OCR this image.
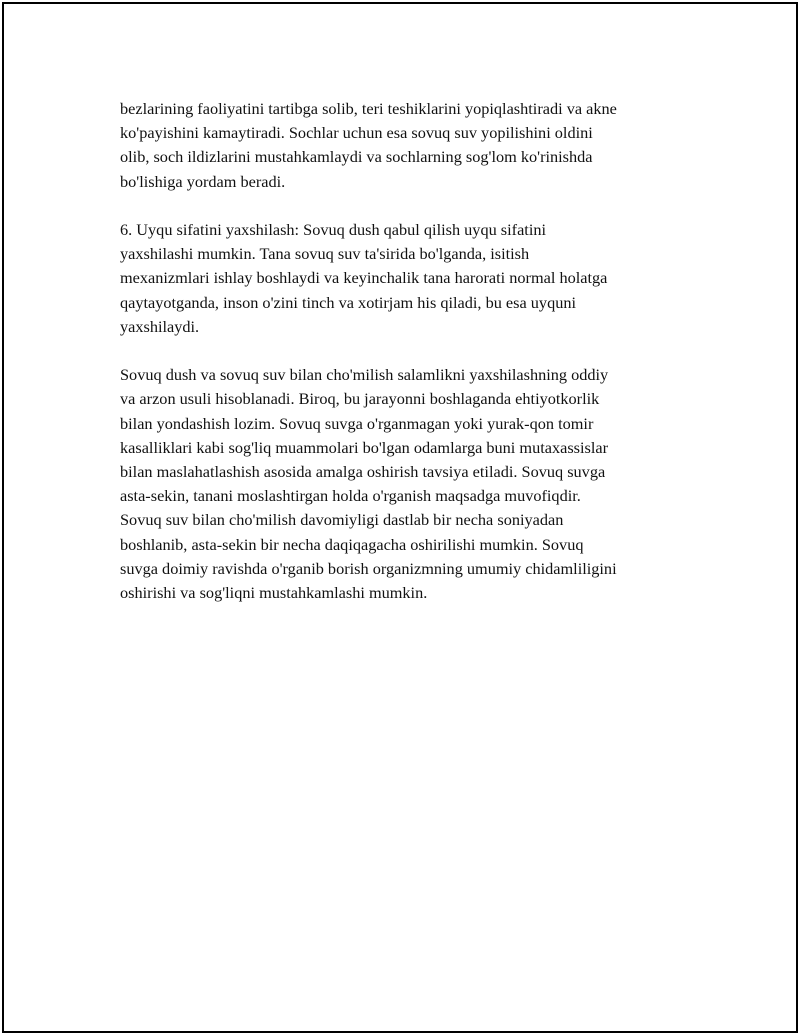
bezlarining faoliyatini tartibga solib, teri teshiklarini yopiqlashtiradi va akne
ko'payishini kamaytiradi. Sochlar uchun esa sovuq suv yopilishini oldini
olib, soch ildizlarini mustahkamlaydi va sochlarning sog'lom ko'rinishda
bo'lishiga yordam beradi.

6. Uyqu sifatini yaxshilash: Sovuq dush qabul qilish uyqu sifatini
yaxshilashi mumkin. Tana sovuq suv ta'sirida bo'lganda, isitish
mexanizmlari ishlay boshlaydi va keyinchalik tana harorati normal holatga
qaytayotganda, inson o'zini tinch va xotirjam his qiladi, bu esa uyquni
yaxshilaydi.

Sovuq dush va sovuq suv bilan cho'milish salamlikni yaxshilashning oddiy
va arzon usuli hisoblanadi. Biroq, bu jarayonni boshlaganda ehtiyotkorlik
bilan yondashish lozim. Sovuq suvga o'rganmagan yoki yurak-qon tomir
kasalliklari kabi sog'liq muammolari bo'lgan odamlarga buni mutaxassislar
bilan maslahatlashish asosida amalga oshirish tavsiya etiladi. Sovuq suvga
asta-sekin, tanani moslashtirgan holda o'rganish maqsadga muvofiqdir.
Sovuq suv bilan cho'milish davomiyligi dastlab bir necha soniyadan
boshlanib, asta-sekin bir necha daqiqagacha oshirilishi mumkin. Sovuq
suvga doimiy ravishda o'rganib borish organizmning umumiy chidamliligini
oshirishi va sog'liqni mustahkamlashi mumkin.
